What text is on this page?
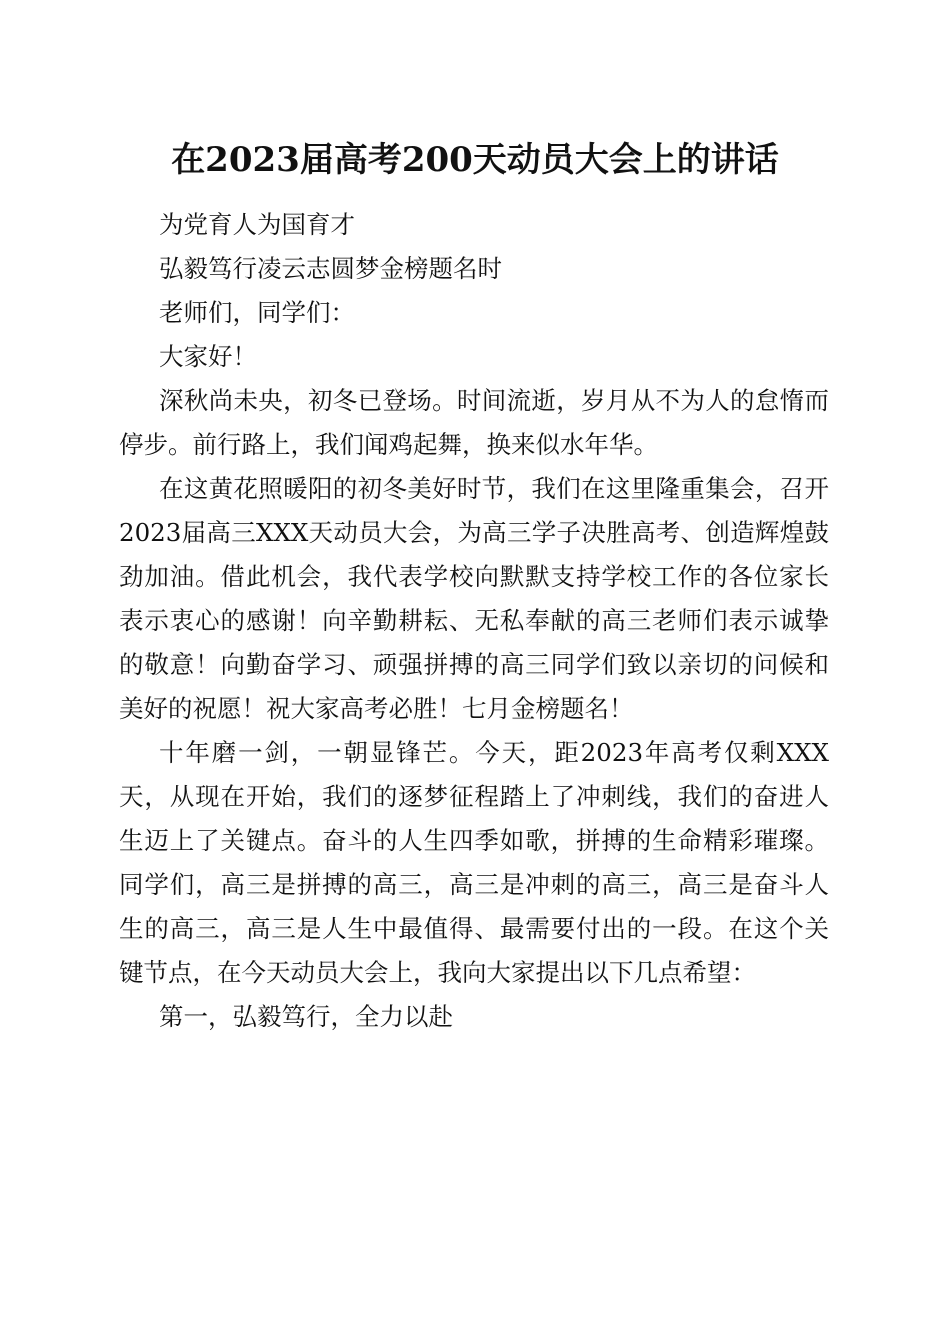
在2023届高考200天动员大会上的讲话

为党育人为国育才

弘毅笃行凌云志圆梦金榜题名时

老师们，同学们：

大家好！

深秋尚未央，初冬已登场。时间流逝，岁月从不为人的怠惰而停步。前行路上，我们闻鸡起舞，换来似水年华。

在这黄花照暖阳的初冬美好时节，我们在这里隆重集会，召开2023届高三XXX天动员大会，为高三学子决胜高考、创造辉煌鼓劲加油。借此机会，我代表学校向默默支持学校工作的各位家长表示衷心的感谢！向辛勤耕耘、无私奉献的高三老师们表示诚挚的敬意！向勤奋学习、顽强拼搏的高三同学们致以亲切的问候和美好的祝愿！祝大家高考必胜！七月金榜题名！

十年磨一剑，一朝显锋芒。今天，距2023年高考仅剩XXX天，从现在开始，我们的逐梦征程踏上了冲刺线，我们的奋进人生迈上了关键点。奋斗的人生四季如歌，拼搏的生命精彩璀璨。同学们，高三是拼搏的高三，高三是冲刺的高三，高三是奋斗人生的高三，高三是人生中最值得、最需要付出的一段。在这个关键节点，在今天动员大会上，我向大家提出以下几点希望：

第一，弘毅笃行，全力以赴
